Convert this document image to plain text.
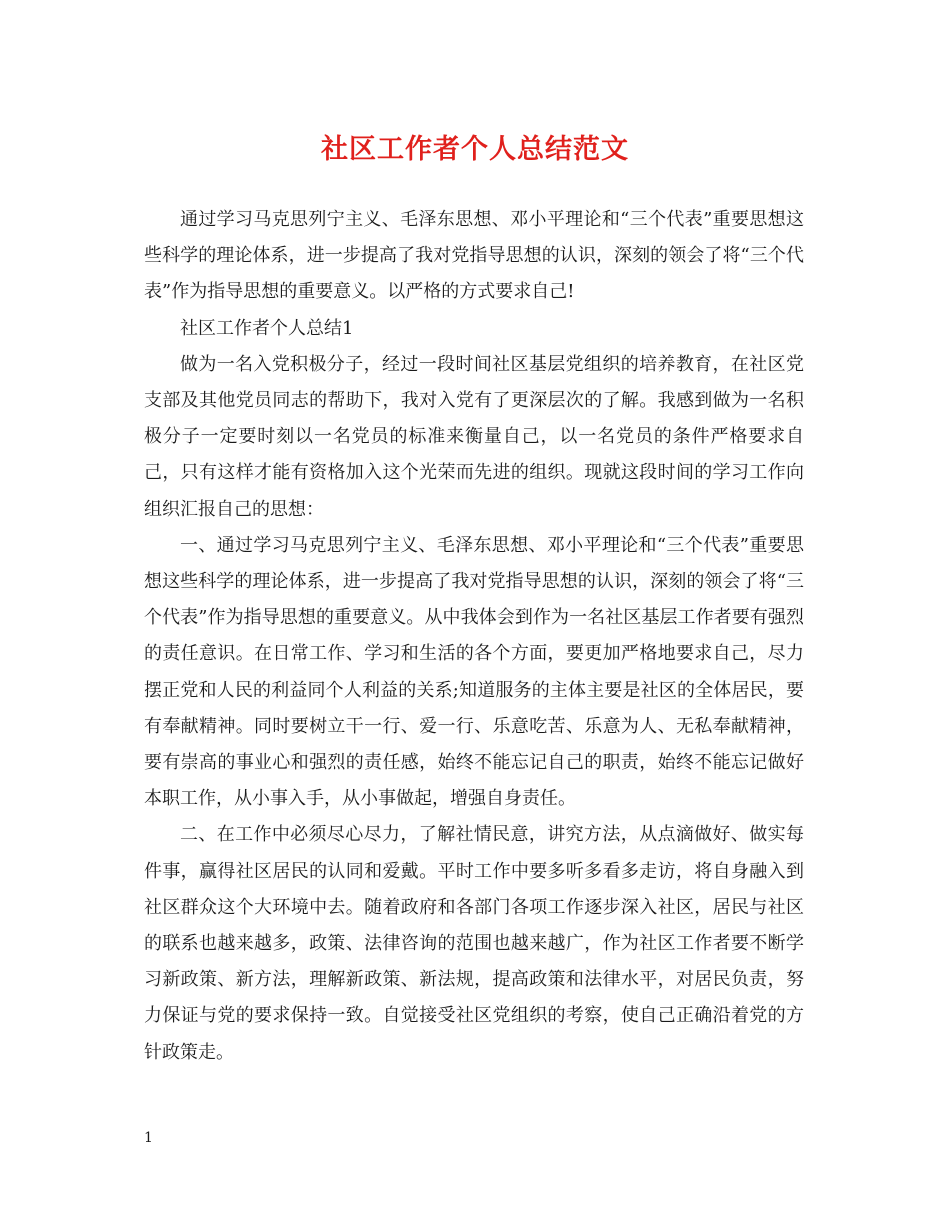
社区工作者个人总结范文

通过学习马克思列宁主义、毛泽东思想、邓小平理论和“三个代表”重要思想这些科学的理论体系，进一步提高了我对党指导思想的认识，深刻的领会了将“三个代表”作为指导思想的重要意义。以严格的方式要求自己!

社区工作者个人总结1

做为一名入党积极分子，经过一段时间社区基层党组织的培养教育，在社区党支部及其他党员同志的帮助下，我对入党有了更深层次的了解。我感到做为一名积极分子一定要时刻以一名党员的标准来衡量自己，以一名党员的条件严格要求自己，只有这样才能有资格加入这个光荣而先进的组织。现就这段时间的学习工作向组织汇报自己的思想：

一、通过学习马克思列宁主义、毛泽东思想、邓小平理论和“三个代表”重要思想这些科学的理论体系，进一步提高了我对党指导思想的认识，深刻的领会了将“三个代表”作为指导思想的重要意义。从中我体会到作为一名社区基层工作者要有强烈的责任意识。在日常工作、学习和生活的各个方面，要更加严格地要求自己，尽力摆正党和人民的利益同个人利益的关系;知道服务的主体主要是社区的全体居民，要有奉献精神。同时要树立干一行、爱一行、乐意吃苦、乐意为人、无私奉献精神，要有崇高的事业心和强烈的责任感，始终不能忘记自己的职责，始终不能忘记做好本职工作，从小事入手，从小事做起，增强自身责任。

二、在工作中必须尽心尽力，了解社情民意，讲究方法，从点滴做好、做实每件事，赢得社区居民的认同和爱戴。平时工作中要多听多看多走访，将自身融入到社区群众这个大环境中去。随着政府和各部门各项工作逐步深入社区，居民与社区的联系也越来越多，政策、法律咨询的范围也越来越广，作为社区工作者要不断学习新政策、新方法，理解新政策、新法规，提高政策和法律水平，对居民负责，努力保证与党的要求保持一致。自觉接受社区党组织的考察，使自己正确沿着党的方针政策走。

1
